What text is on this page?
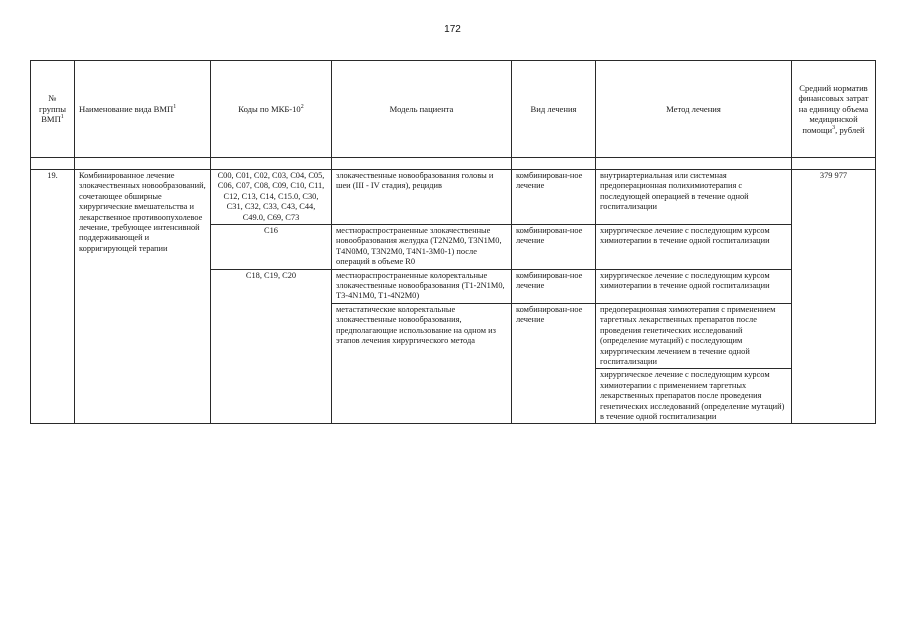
172
№ группы ВМП$^1$	Наименование вида ВМП$^1$	Коды по МКБ-$10^2$	Модель пациента	Вид лечения	Метод лечения	Средний норматив финансовых затрат на единицу объема медицинской помощи$^3$, рублей

19.	Комбинированное лечение злокачественных новообразований, сочетающее обширные хирургические вмешательства и лекарственное противоопухолевое лечение, требующее интенсивной поддерживающей и корригирующей терапии	C00, C01, C02, C03, C04, C05, C06, C07, C08, C09, C10, C11, C12, C13, C14, C15.0, C30, C31, C32, C33, C43, C44, C49.0, C69, C73	злокачественные новообразования головы и шеи (III - IV стадия), рецидив	комбинирован-ное лечение	внутриартериальная или системная предоперационная полихимиотерапия с последующей операцией в течение одной госпитализации	379 977
		C16	местнораспространенные злокачественные новообразования желудка (T2N2M0, T3N1M0, T4N0M0, T3N2M0, T4N1-3M0-1) после операций в объеме R0	комбинирован-ное лечение	хирургическое лечение с последующим курсом химиотерапии в течение одной госпитализации	
		C18, C19, C20	местнораспространенные колоректальные злокачественные новообразования (T1-2N1M0, T3-4N1M0, T1-4N2M0)	комбинирован-ное лечение	хирургическое лечение с последующим курсом химиотерапии в течение одной госпитализации	
			метастатические колоректальные злокачественные новообразования, предполагающие использование на одном из этапов лечения хирургического метода	комбинирован-ное лечение	предоперационная химиотерапия с применением таргетных лекарственных препаратов после проведения генетических исследований (определение мутаций) с последующим хирургическим лечением в течение одной госпитализации	
					хирургическое лечение с последующим курсом химиотерапии с применением таргетных лекарственных препаратов после проведения генетических исследований (определение мутаций) в течение одной госпитализации	
